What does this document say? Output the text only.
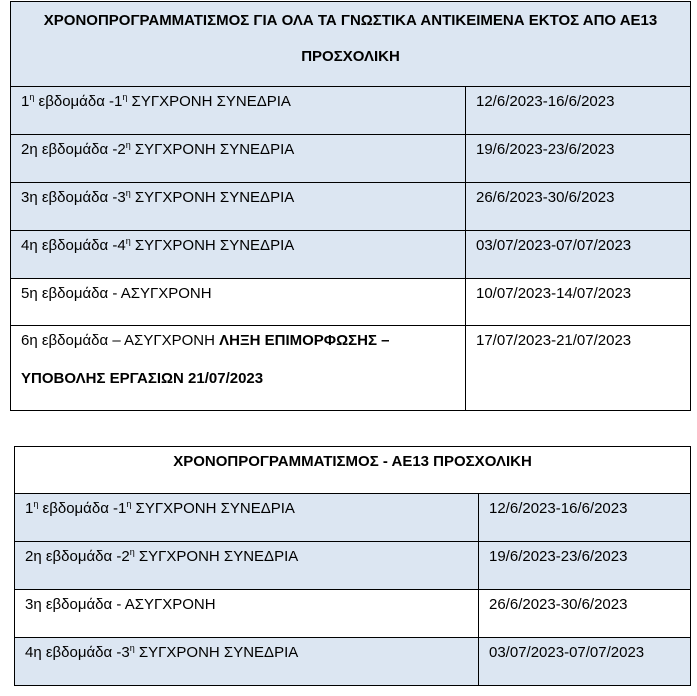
ΧΡΟΝΟΠΡΟΓΡΑΜΜΑΤΙΣΜΟΣ ΓΙΑ ΟΛΑ ΤΑ ΓΝΩΣΤΙΚΑ ΑΝΤΙΚΕΙΜΕΝΑ ΕΚΤΟΣ ΑΠΟ ΑΕ13
ΠΡΟΣΧΟΛΙΚΗ	

$1^\eta$ εβδομάδα $-1^\eta$ ΣΥΓΧΡΟΝΗ ΣΥΝΕΔΡΙΑ	12/6/2023-16/6/2023

2η εβδομάδα $-2^\eta$ ΣΥΓΧΡΟΝΗ ΣΥΝΕΔΡΙΑ	19/6/2023-23/6/2023

3η εβδομάδα $-3^\eta$ ΣΥΓΧΡΟΝΗ ΣΥΝΕΔΡΙΑ	26/6/2023-30/6/2023

4η εβδομάδα $-4^\eta$ ΣΥΓΧΡΟΝΗ ΣΥΝΕΔΡΙΑ	03/07/2023-07/07/2023

5η εβδομάδα - ΑΣΥΓΧΡΟΝΗ	10/07/2023-14/07/2023

6η εβδομάδα – ΑΣΥΓΧΡΟΝΗ ΛΗΞΗ ΕΠΙΜΟΡΦΩΣΗΣ –
ΥΠΟΒΟΛΗΣ ΕΡΓΑΣΙΩΝ 21/07/2023	17/07/2023-21/07/2023
ΧΡΟΝΟΠΡΟΓΡΑΜΜΑΤΙΣΜΟΣ - ΑΕ13 ΠΡΟΣΧΟΛΙΚΗ	

$1^\eta$ εβδομάδα $-1^\eta$ ΣΥΓΧΡΟΝΗ ΣΥΝΕΔΡΙΑ	12/6/2023-16/6/2023

2η εβδομάδα $-2^\eta$ ΣΥΓΧΡΟΝΗ ΣΥΝΕΔΡΙΑ	19/6/2023-23/6/2023

3η εβδομάδα - ΑΣΥΓΧΡΟΝΗ	26/6/2023-30/6/2023

4η εβδομάδα $-3^\eta$ ΣΥΓΧΡΟΝΗ ΣΥΝΕΔΡΙΑ	03/07/2023-07/07/2023
